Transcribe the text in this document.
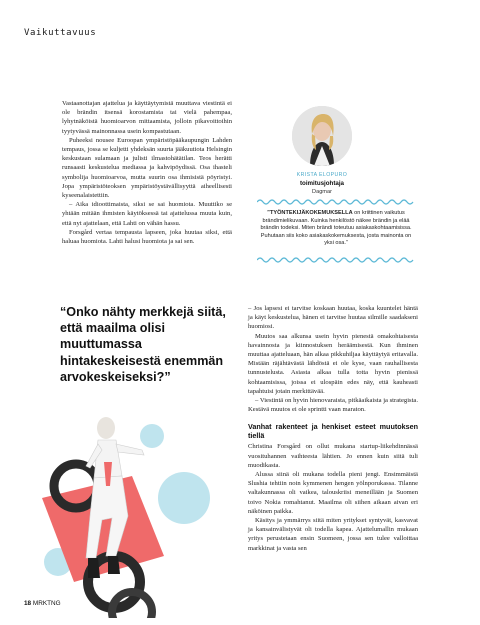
Vaikuttavuus

Vastaanottajan ajattelua ja käyttäytymistä muuttava viestintä ei ole brändin itsensä korostamista tai vielä pahempaa, lyhytnäköistä huomioarvon mittaamista, jolloin pikavoittoihin tyytyvässä mainonnassa usein kompastutaan.

Puheeksi nousee Euroopan ympäristöpääkaupungin Lahden tempaus, jossa se kuljetti yhdeksän suurta jääkuutiota Helsingin keskustaan sulamaan ja julisti ilmastohätätilan. Teos herätti runsaasti keskustelua mediassa ja kahvipöydissä. Osa ihasteli symbolija huomioarvoa, mutta suurin osa ihmisistä pöyristyi. Jopa ympäristöteoksen ympäristöystävällisyyttä aiheellisesti kyseenalaistettiin.

– Aika idioottimaista, siksi se sai huomiota. Muuttiko se yhtään mitään ihmisten käytöksessä tai ajattelussa muuta kuin, että nyt ajattelaan, että Lahti on vähän hassu.

Forsgård vertaa tempausta lapseen, joka huutaa siksi, että haluaa huomiota. Lahti halusi huomiota ja sai sen.

KRISTA ELOPURO
toimitusjohtaja
Dagmar
”TYÖNTEKIJÄKOKEMUKSELLA on kriittinen vaikutus brändimielikuvaan. Kuinka henkilöstö näkee brändin ja elää brändin todeksi. Miten brändi toteutuu asiakaskohtaamisissa. Puhutaan siis koko asiakaskokemuksesta, josta mainonta on yksi osa.”
“Onko nähty merkkejä siitä, että maailma olisi muuttumassa hintakeskeisestä enemmän arvokeskeiseksi?”

– Jos lapsesi ei tarvitse koskaan huutaa, koska kuuntelet häntä ja käyt keskustelua, hänen ei tarvitse huutaa silmille saadakseni huomiosi.

Muutos saa alkunsa usein hyvin pienestä omakohtaisesta havainnosta ja kiinnostuksen heräämisestä. Kun ihminen muuttaa ajatteluaan, hän alkaa pikkuhiljaa käyttäytyä eritavalla. Mistään räjähtävästä lähdöstä ei ole kyse, vaan rauhallisesta tunnustelusta. Asiasta alkaa tulla totta hyvin pienissä kohtaamisissa, joissa ei ulospäin edes näy, että kauheasti tapahtuisi jotain merkittävää.

– Viestintä on hyvin hienovaraista, pitkäaikaista ja strategista. Kestävä muutos ei ole sprintti vaan maraton.

Vanhat rakenteet ja henkiset esteet muutoksen tiellä

Christina Forsgård on ollut mukana startup-liikehdinnässä vuosituhannen vaihteesta lähtien. Jo ennen kuin siitä tuli muodikasta.

Alussa siinä oli mukana todella pieni jengi. Ensimmäistä Slushia tehtiin noin kymmenen hengen yölnporukassa. Tilanne valtakunnassa oli vaikea, talouskriisi meneillään ja Suomen toivo Nokia romahtanut. Maailma oli siihen aikaan aivan eri näköinen paikka.

Käsitys ja ymmärrys siitä miten yritykset syntyvät, kasvavat ja kansainvälistyvät oli todella kapea. Ajattelumallin mukaan yritys perustetaan ensin Suomeen, jossa sen tulee valloittaa markkinat ja vasta sen

18 MRKTNG
